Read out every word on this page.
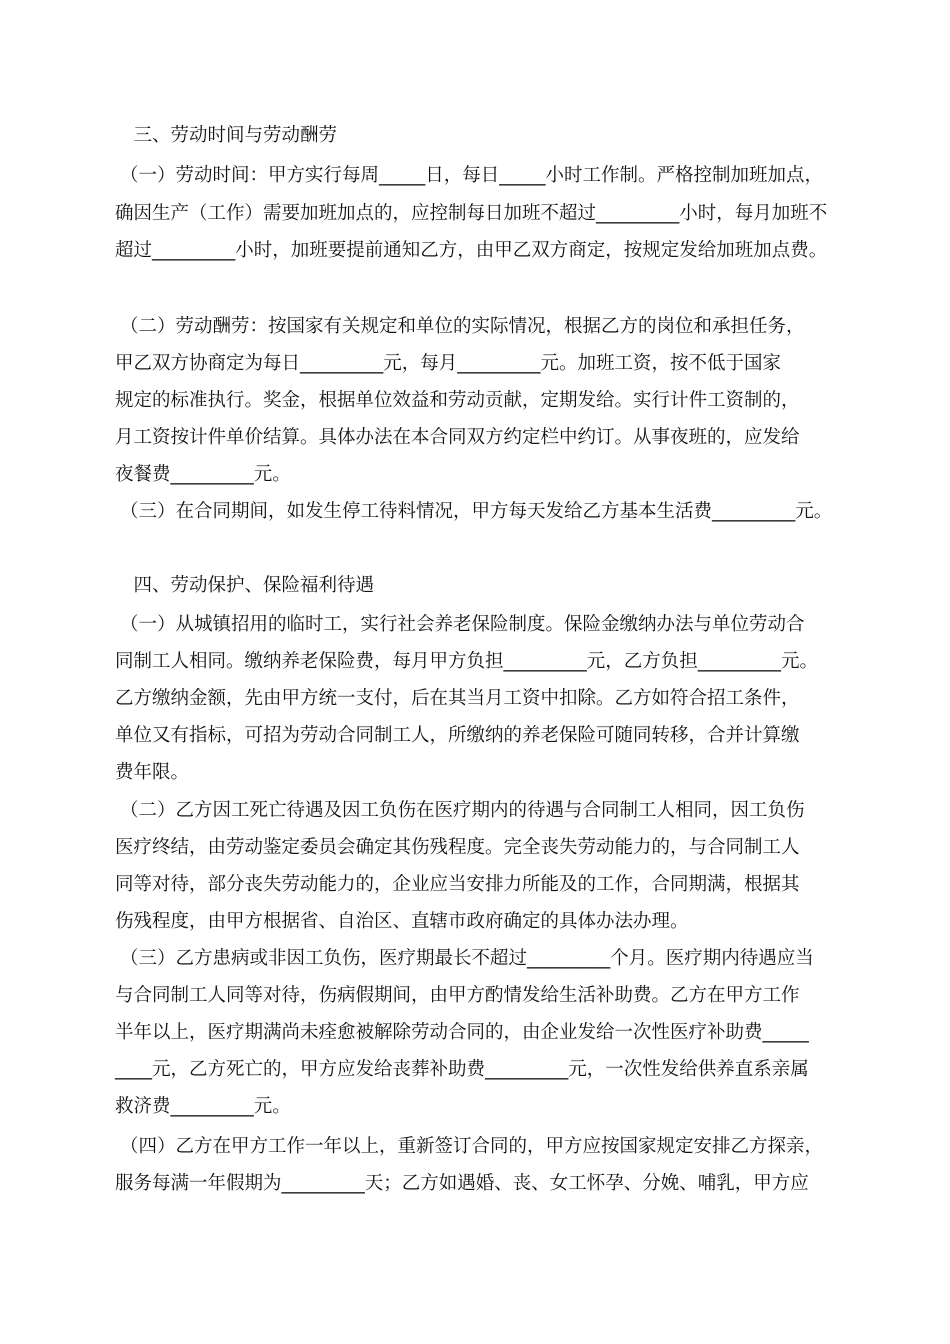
　三、劳动时间与劳动酬劳
（一）劳动时间：甲方实行每周_____日，每日_____小时工作制。严格控制加班加点，
确因生产（工作）需要加班加点的，应控制每日加班不超过_________小时，每月加班不
超过_________小时，加班要提前通知乙方，由甲乙双方商定，按规定发给加班加点费。
（二）劳动酬劳：按国家有关规定和单位的实际情况，根据乙方的岗位和承担任务，
甲乙双方协商定为每日_________元，每月_________元。加班工资，按不低于国家
规定的标准执行。奖金，根据单位效益和劳动贡献，定期发给。实行计件工资制的，
月工资按计件单价结算。具体办法在本合同双方约定栏中约订。从事夜班的，应发给
夜餐费_________元。
（三）在合同期间，如发生停工待料情况，甲方每天发给乙方基本生活费_________元。
　四、劳动保护、保险福利待遇
（一）从城镇招用的临时工，实行社会养老保险制度。保险金缴纳办法与单位劳动合
同制工人相同。缴纳养老保险费，每月甲方负担_________元，乙方负担_________元。
乙方缴纳金额，先由甲方统一支付，后在其当月工资中扣除。乙方如符合招工条件，
单位又有指标，可招为劳动合同制工人，所缴纳的养老保险可随同转移，合并计算缴
费年限。
（二）乙方因工死亡待遇及因工负伤在医疗期内的待遇与合同制工人相同，因工负伤
医疗终结，由劳动鉴定委员会确定其伤残程度。完全丧失劳动能力的，与合同制工人
同等对待，部分丧失劳动能力的，企业应当安排力所能及的工作，合同期满，根据其
伤残程度，由甲方根据省、自治区、直辖市政府确定的具体办法办理。
（三）乙方患病或非因工负伤，医疗期最长不超过_________个月。医疗期内待遇应当
与合同制工人同等对待，伤病假期间，由甲方酌情发给生活补助费。乙方在甲方工作
半年以上，医疗期满尚未痊愈被解除劳动合同的，由企业发给一次性医疗补助费_____
____元，乙方死亡的，甲方应发给丧葬补助费_________元，一次性发给供养直系亲属
救济费_________元。
（四）乙方在甲方工作一年以上，重新签订合同的，甲方应按国家规定安排乙方探亲，
服务每满一年假期为_________天；乙方如遇婚、丧、女工怀孕、分娩、哺乳，甲方应
